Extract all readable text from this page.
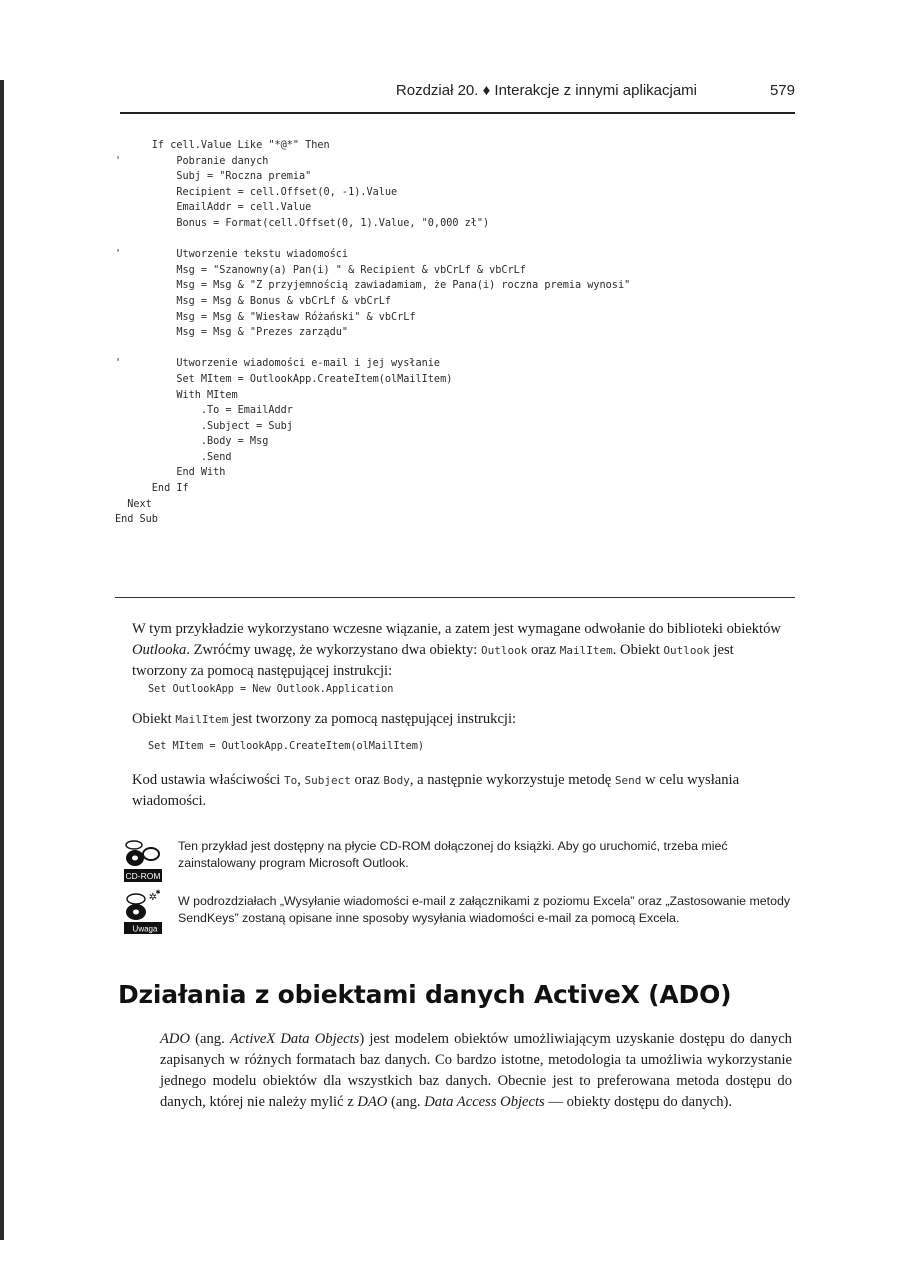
Rozdział 20. ♦ Interakcje z innymi aplikacjami	579
If cell.Value Like "*@*" Then
'         Pobranie danych
Subj = "Roczna premia"
Recipient = cell.Offset(0, -1).Value
EmailAddr = cell.Value
Bonus = Format(cell.Offset(0, 1).Value, "0,000 zł")
'         Utworzenie tekstu wiadomości
Msg = "Szanowny(a) Pan(i) " & Recipient & vbCrLf & vbCrLf
Msg = Msg & "Z przyjemnością zawiadamiam, że Pana(i) roczna premia wynosi"
Msg = Msg & Bonus & vbCrLf & vbCrLf
Msg = Msg & "Wiesław Różański" & vbCrLf
Msg = Msg & "Prezes zarządu"
'         Utworzenie wiadomości e-mail i jej wysłanie
Set MItem = OutlookApp.CreateItem(olMailItem)
With MItem
.To = EmailAddr
.Subject = Subj
.Body = Msg
.Send
End With
End If
Next
End Sub

W tym przykładzie wykorzystano wczesne wiązanie, a zatem jest wymagane odwołanie do biblioteki obiektów Outlooka. Zwróćmy uwagę, że wykorzystano dwa obiekty: Outlook oraz MailItem. Obiekt Outlook jest tworzony za pomocą następującej instrukcji:

Set OutlookApp = New Outlook.Application

Obiekt MailItem jest tworzony za pomocą następującej instrukcji:

Set MItem = OutlookApp.CreateItem(olMailItem)

Kod ustawia właściwości To, Subject oraz Body, a następnie wykorzystuje metodę Send w celu wysłania wiadomości.

CD-ROM

Ten przykład jest dostępny na płycie CD-ROM dołączonej do książki. Aby go uruchomić, trzeba mieć zainstalowany program Microsoft Outlook.

✲
✱
Uwaga

W podrozdziałach „Wysyłanie wiadomości e-mail z załącznikami z poziomu Excela” oraz „Zastosowanie metody SendKeys” zostaną opisane inne sposoby wysyłania wiadomości e-mail za pomocą Excela.

Działania z obiektami danych ActiveX (ADO)

ADO (ang. ActiveX Data Objects) jest modelem obiektów umożliwiającym uzyskanie dostępu do danych zapisanych w różnych formatach baz danych. Co bardzo istotne, metodologia ta umożliwia wykorzystanie jednego modelu obiektów dla wszystkich baz danych. Obecnie jest to preferowana metoda dostępu do danych, której nie należy mylić z DAO (ang. Data Access Objects — obiekty dostępu do danych).
